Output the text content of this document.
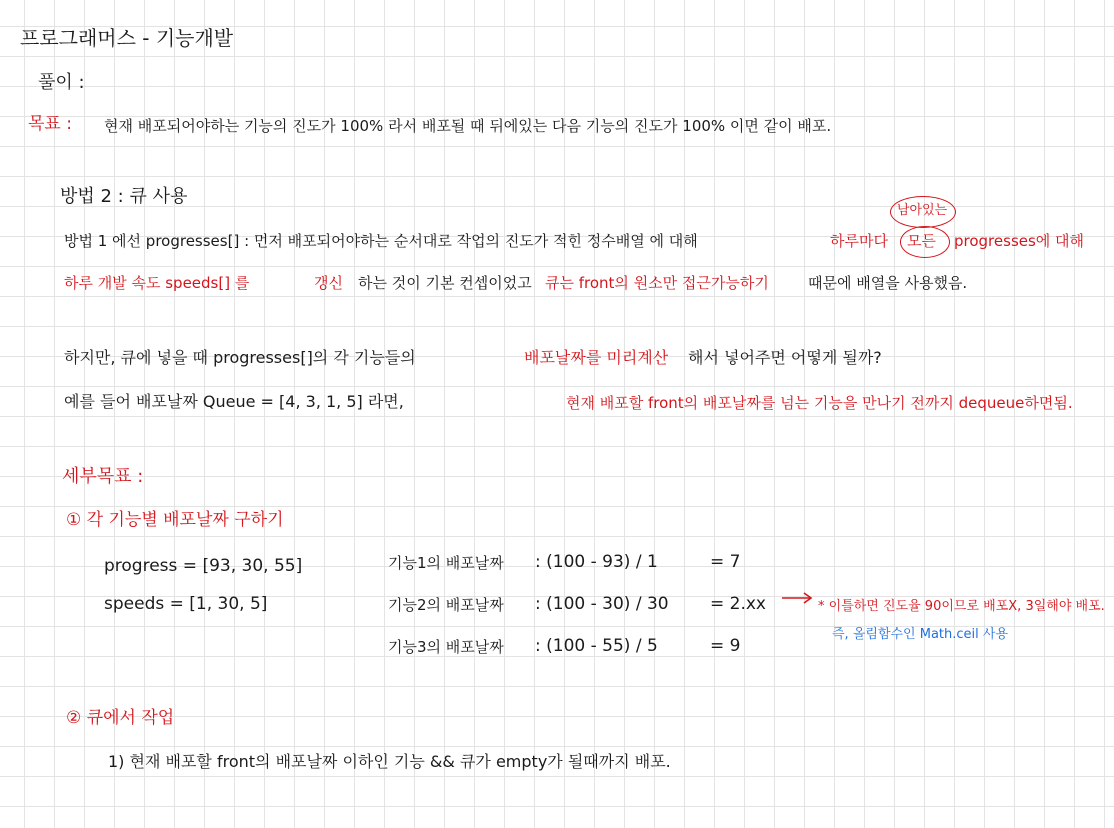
프로그래머스 - 기능개발
풀이 :
목표 : 현재 배포되어야하는 기능의 진도가 100% 라서 배포될 때 뒤에있는 다음 기능의 진도가 100% 이면 같이 배포.
방법 2 : 큐 사용
방법 1 에선 progresses[] : 먼저 배포되어야하는 순서대로 작업의 진도가 적힌 정수배열 에 대해	하루마다 모든 progresses에 대해
남아있는
하루 개발 속도 speeds[] 를	갱신 하는 것이 기본 컨셉이었고 큐는 front의 원소만 접근가능하기	때문에 배열을 사용했음.
하지만, 큐에 넣을 때 progresses[]의 각 기능들의	배포날짜를 미리계산 해서 넣어주면 어떻게 될까?
예를 들어 배포날짜 Queue = [4, 3, 1, 5] 라면,	현재 배포할 front의 배포날짜를 넘는 기능을 만나기 전까지 dequeue하면됨.
세부목표 :
① 각 기능별 배포날짜 구하기
progress = [93, 30, 55]
speeds = [1, 30, 5]
기능1의 배포날짜 : (100 - 93) / 1	= 7
기능2의 배포날짜 : (100 - 30) / 30 = 2.xx
기능3의 배포날짜 : (100 - 55) / 5	= 9
* 이틀하면 진도율 90이므로 배포X, 3일해야 배포.
즉, 올림함수인 Math.ceil 사용
② 큐에서 작업
1) 현재 배포할 front의 배포날짜 이하인 기능 && 큐가 empty가 될때까지 배포.
